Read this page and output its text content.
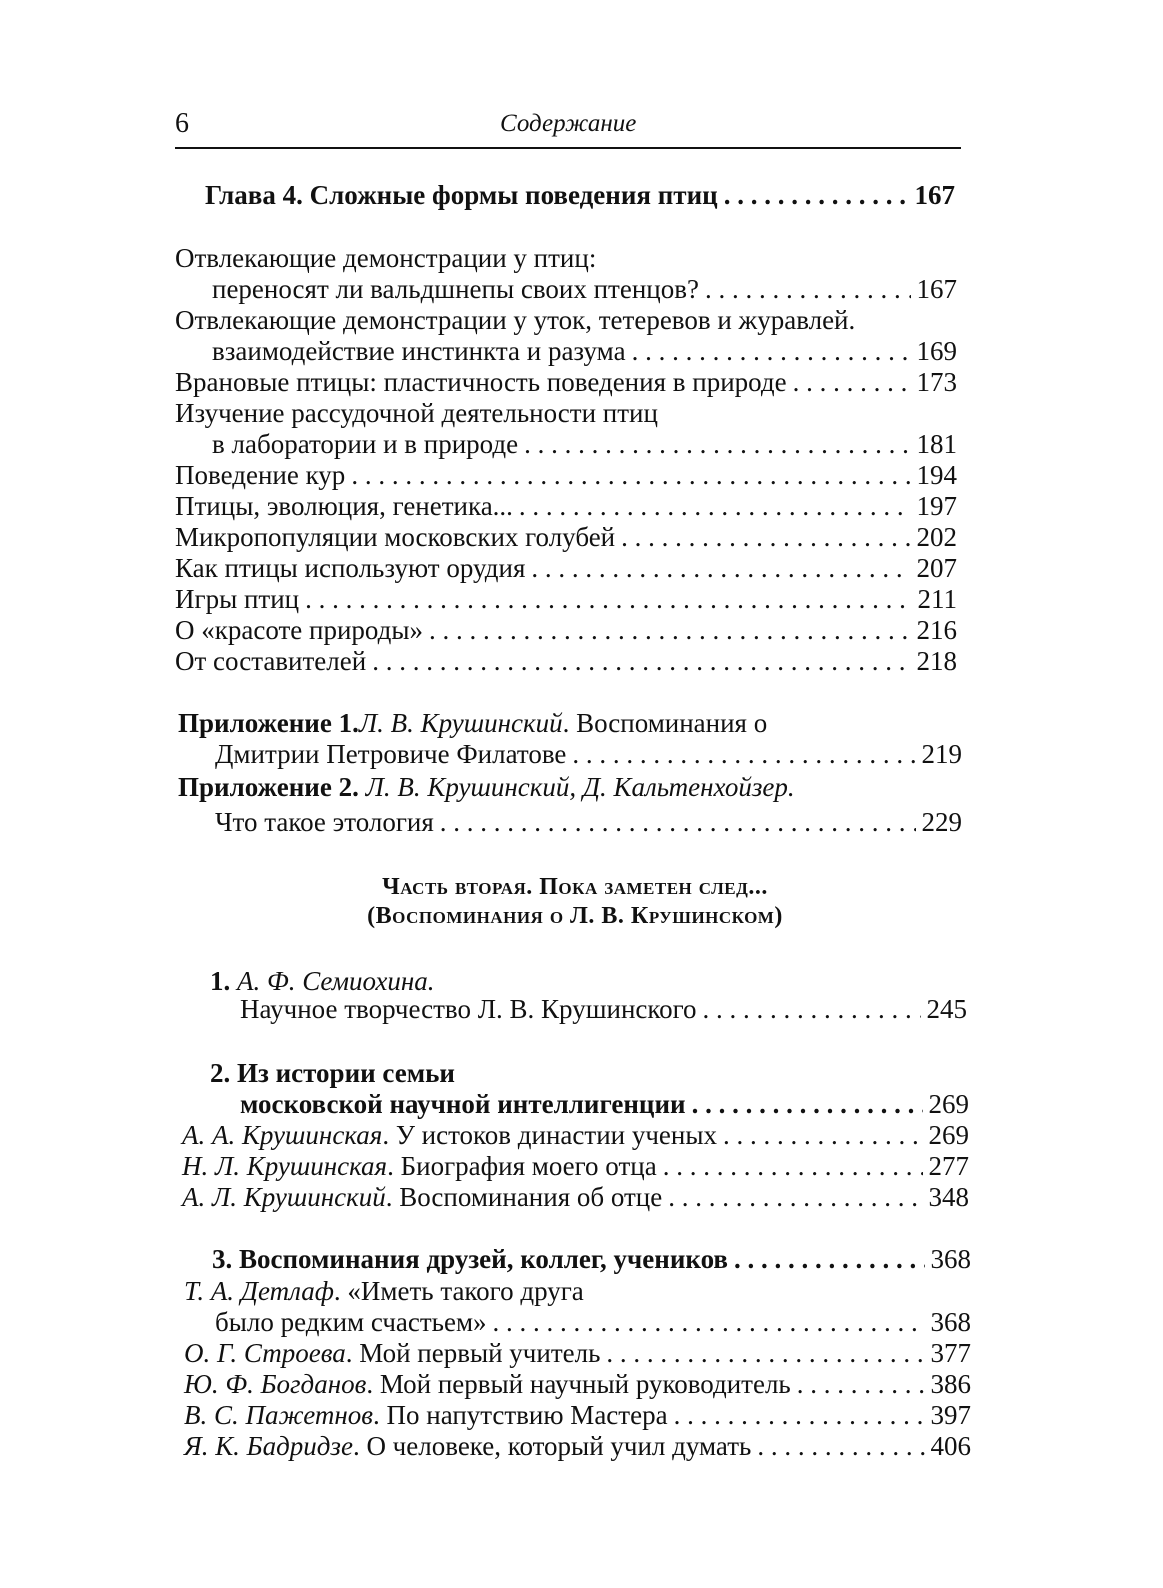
6	Содержание
Глава 4. Сложные формы поведения птиц . . .	167
Отвлекающие демонстрации у птиц:
переносят ли вальдшнепы своих птенцов? . . .	167
Отвлекающие демонстрации у уток, тетеревов и журавлей.
взаимодействие инстинкта и разума . . .	169
Врановые птицы: пластичность поведения в природе . . .	173
Изучение рассудочной деятельности птиц
в лаборатории и в природе . . .	181
Поведение кур . . .	194
Птицы, эволюция, генетика... . . .	197
Микропопуляции московских голубей . . .	202
Как птицы используют орудия . . .	207
Игры птиц . . .	211
О «красоте природы» . . .	216
От составителей . . .	218
Приложение 1.Л. В. Крушинский. Воспоминания о
Дмитрии Петровиче Филатове . . .	219
Приложение 2. Л. В. Крушинский, Д. Кальтенхойзер.
Что такое этология . . .	229
Часть вторая. Пока заметен след...
(Воспоминания о Л. В. Крушинском)
1. А. Ф. Семиохина.
Научное творчество Л. В. Крушинского . . .	245
2. Из истории семьи
московской научной интеллигенции . . .	269
А. А. Крушинская. У истоков династии ученых . . .	269
Н. Л. Крушинская. Биография моего отца . . .	277
А. Л. Крушинский. Воспоминания об отце . . .	348
3. Воспоминания друзей, коллег, учеников . . .	368
Т. А. Детлаф. «Иметь такого друга
было редким счастьем» . . .	368
О. Г. Строева. Мой первый учитель . . .	377
Ю. Ф. Богданов. Мой первый научный руководитель . . .	386
В. С. Пажетнов. По напутствию Мастера . . .	397
Я. К. Бадридзе. О человеке, который учил думать . . .	406
